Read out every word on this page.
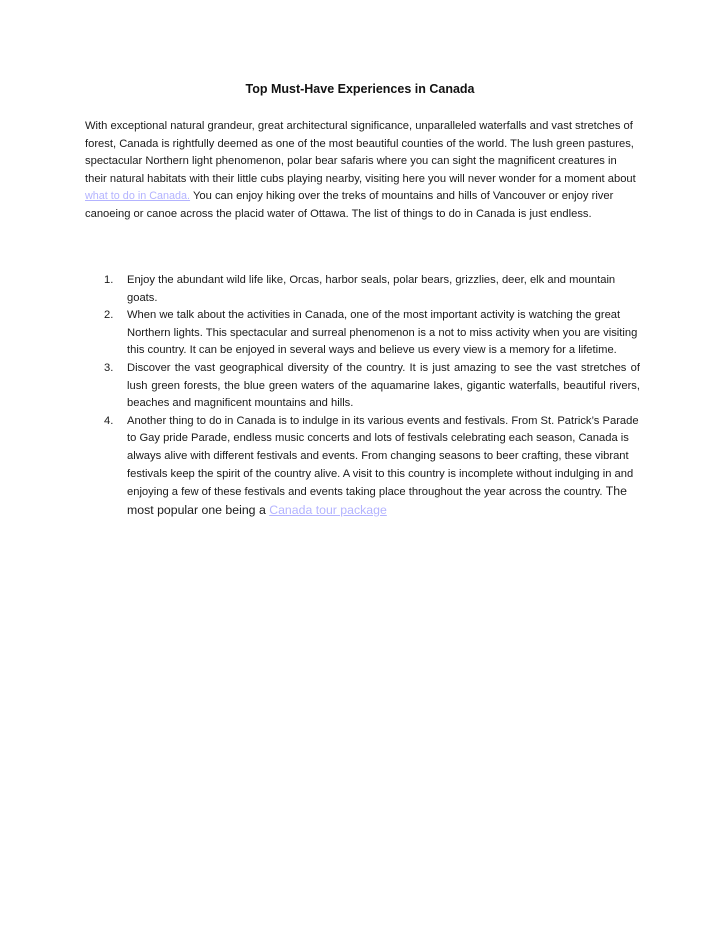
Top Must-Have Experiences in Canada

With exceptional natural grandeur, great architectural significance, unparalleled waterfalls and vast stretches of forest, Canada is rightfully deemed as one of the most beautiful counties of the world. The lush green pastures, spectacular Northern light phenomenon, polar bear safaris where you can sight the magnificent creatures in their natural habitats with their little cubs playing nearby, visiting here you will never wonder for a moment about what to do in Canada. You can enjoy hiking over the treks of mountains and hills of Vancouver or enjoy river canoeing or canoe across the placid water of Ottawa. The list of things to do in Canada is just endless.

1. Enjoy the abundant wild life like, Orcas, harbor seals, polar bears, grizzlies, deer, elk and mountain goats.
2. When we talk about the activities in Canada, one of the most important activity is watching the great Northern lights. This spectacular and surreal phenomenon is a not to miss activity when you are visiting this country. It can be enjoyed in several ways and believe us every view is a memory for a lifetime.
3. Discover the vast geographical diversity of the country. It is just amazing to see the vast stretches of lush green forests, the blue green waters of the aquamarine lakes, gigantic waterfalls, beautiful rivers, beaches and magnificent mountains and hills.
4. Another thing to do in Canada is to indulge in its various events and festivals. From St. Patrick’s Parade to Gay pride Parade, endless music concerts and lots of festivals celebrating each season, Canada is always alive with different festivals and events. From changing seasons to beer crafting, these vibrant festivals keep the spirit of the country alive. A visit to this country is incomplete without indulging in and enjoying a few of these festivals and events taking place throughout the year across the country. The most popular one being a Canada tour package
